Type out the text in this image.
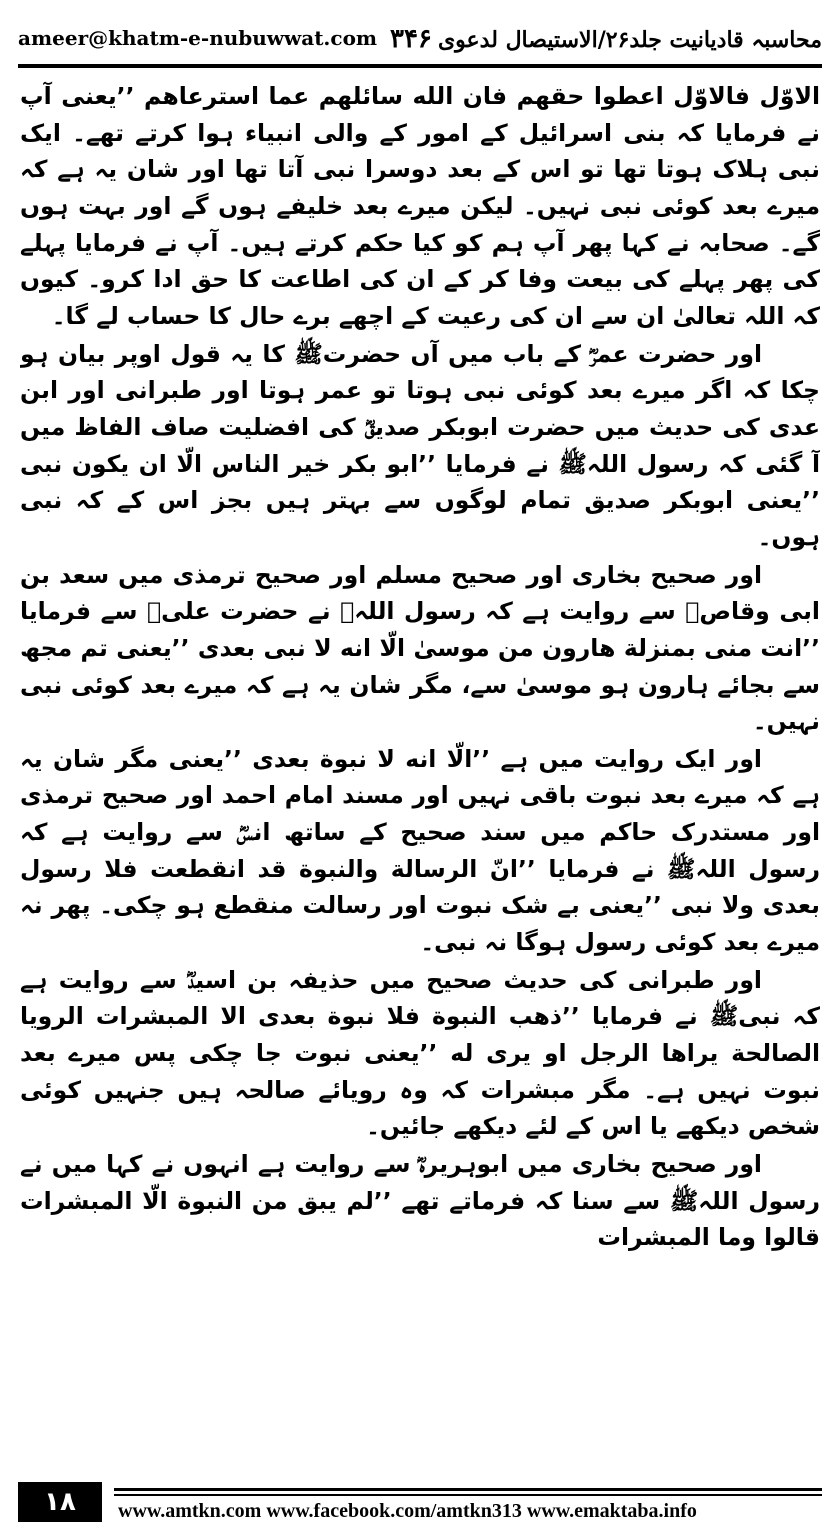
ameer@khatm-e-nubuwwat.com	محاسبہ قادیانیت جلد۲۶/الاستیصال لدعوی۳۴۶

الاوّل فالاوّل اعطوا حقهم فان الله سائلهم عما استرعاهم ’’یعنی آپ نے فرمایا کہ بنی اسرائیل کے امور کے والی انبیاء ہوا کرتے تھے۔ ایک نبی ہلاک ہوتا تھا تو اس کے بعد دوسرا نبی آتا تھا اور شان یہ ہے کہ میرے بعد کوئی نبی نہیں۔ لیکن میرے بعد خلیفے ہوں گے اور بہت ہوں گے۔ صحابہ نے کہا پھر آپ ہم کو کیا حکم کرتے ہیں۔ آپ نے فرمایا پہلے کی پھر پہلے کی بیعت وفا کر کے ان کی اطاعت کا حق ادا کرو۔ کیوں کہ اللہ تعالیٰ ان سے ان کی رعیت کے اچھے برے حال کا حساب لے گا۔

اور حضرت عمرؓ کے باب میں آں حضرتﷺ کا یہ قول اوپر بیان ہو چکا کہ اگر میرے بعد کوئی نبی ہوتا تو عمر ہوتا اور طبرانی اور ابن عدی کی حدیث میں حضرت ابوبکر صدیقؓ کی افضلیت صاف الفاظ میں آ گئی کہ رسول اللہﷺ نے فرمایا ’’ابو بکر خیر الناس الّا ان یکون نبی ’’یعنی ابوبکر صدیق تمام لوگوں سے بہتر ہیں بجز اس کے کہ نبی ہوں۔

اور صحیح بخاری اور صحیح مسلم اور صحیح ترمذی میں سعد بن ابی وقاصؓ سے روایت ہے کہ رسول اللہﷺ نے حضرت علیؓ سے فرمایا ’’انت منی بمنزلة هارون من موسیٰ الّا انه لا نبی بعدی ’’یعنی تم مجھ سے بجائے ہارون ہو موسیٰ سے، مگر شان یہ ہے کہ میرے بعد کوئی نبی نہیں۔

اور ایک روایت میں ہے ’’الّا انه لا نبوة بعدی ’’یعنی مگر شان یہ ہے کہ میرے بعد نبوت باقی نہیں اور مسند امام احمد اور صحیح ترمذی اور مستدرک حاکم میں سند صحیح کے ساتھ انسؓ سے روایت ہے کہ رسول اللہﷺ نے فرمایا ’’انّ الرسالة والنبوة قد انقطعت فلا رسول بعدی ولا نبی ’’یعنی بے شک نبوت اور رسالت منقطع ہو چکی۔ پھر نہ میرے بعد کوئی رسول ہوگا نہ نبی۔

اور طبرانی کی حدیث صحیح میں حذیفہ بن اسیدؓ سے روایت ہے کہ نبیﷺ نے فرمایا ’’ذهب النبوة فلا نبوة بعدی الا المبشرات الرویا الصالحة یراها الرجل او یری له ’’یعنی نبوت جا چکی پس میرے بعد نبوت نہیں ہے۔ مگر مبشرات کہ وہ رویائے صالحہ ہیں جنہیں کوئی شخص دیکھے یا اس کے لئے دیکھے جائیں۔

اور صحیح بخاری میں ابوہریرہؓ سے روایت ہے انہوں نے کہا میں نے رسول اللہﷺ سے سنا کہ فرماتے تھے ’’لم یبق من النبوة الّا المبشرات قالوا وما المبشرات

۱۸	www.amtkn.com www.facebook.com/amtkn313 www.emaktaba.info
